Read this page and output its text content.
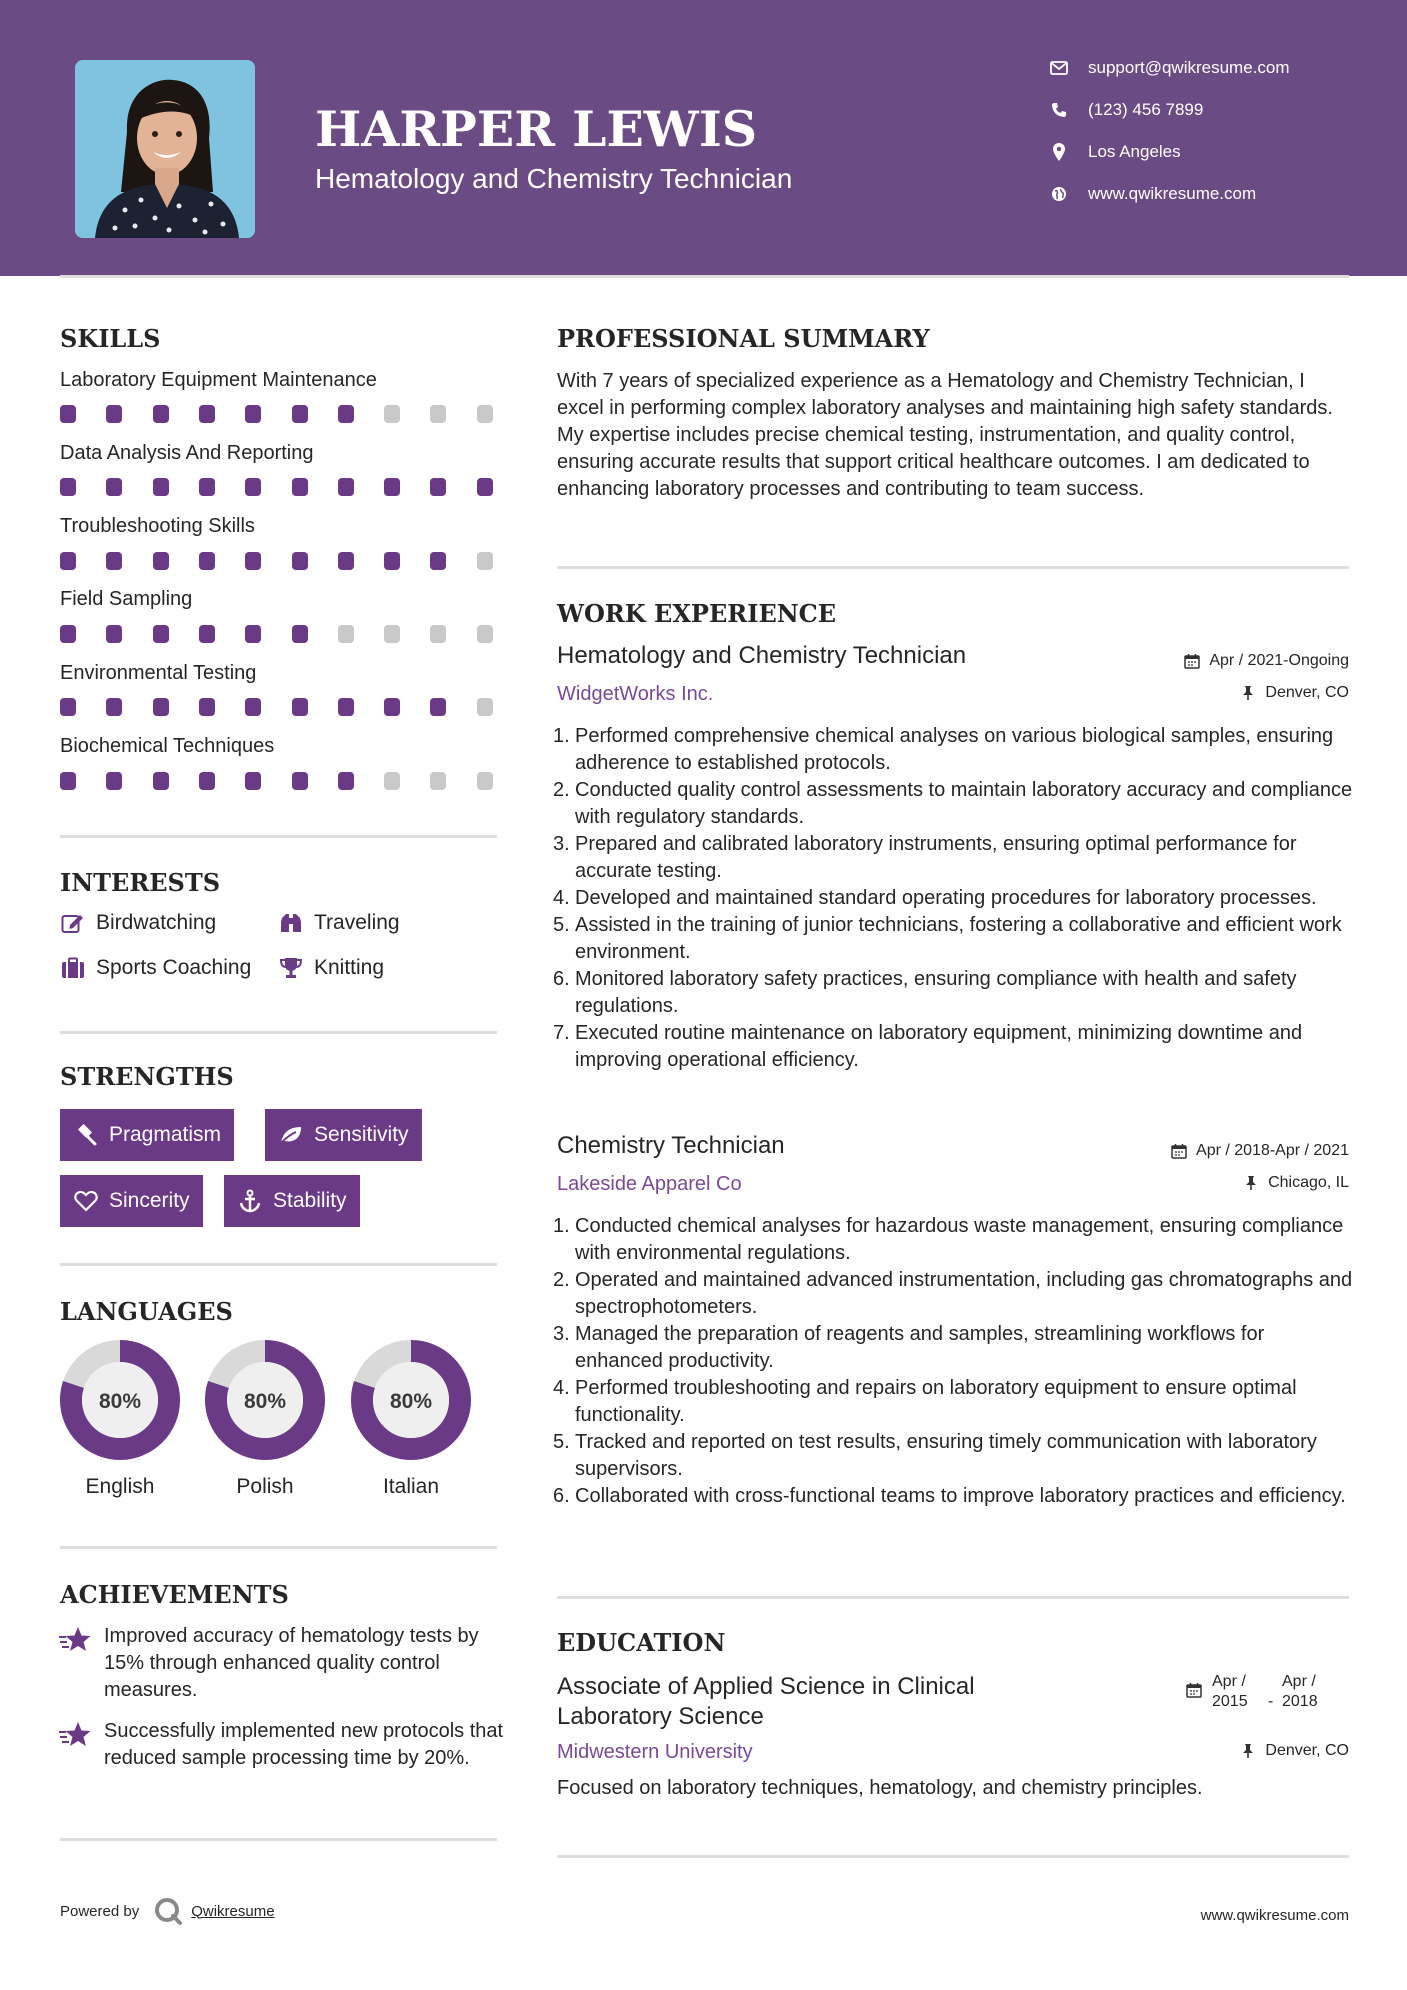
HARPER LEWIS
Hematology and Chemistry Technician
support@qwikresume.com
(123) 456 7899
Los Angeles
www.qwikresume.com
SKILLS
Laboratory Equipment Maintenance
Data Analysis And Reporting
Troubleshooting Skills
Field Sampling
Environmental Testing
Biochemical Techniques
INTERESTS
Birdwatching	Traveling
Sports Coaching	Knitting
STRENGTHS
Pragmatism	Sensitivity
Sincerity	Stability
LANGUAGES
80%
English
80%
Polish
80%
Italian
ACHIEVEMENTS
Improved accuracy of hematology tests by 15% through enhanced quality control measures.
Successfully implemented new protocols that reduced sample processing time by 20%.
PROFESSIONAL SUMMARY
With 7 years of specialized experience as a Hematology and Chemistry Technician, I excel in performing complex laboratory analyses and maintaining high safety standards. My expertise includes precise chemical testing, instrumentation, and quality control, ensuring accurate results that support critical healthcare outcomes. I am dedicated to enhancing laboratory processes and contributing to team success.
WORK EXPERIENCE
Hematology and Chemistry Technician	Apr / 2021-Ongoing
WidgetWorks Inc.	Denver, CO
1. Performed comprehensive chemical analyses on various biological samples, ensuring adherence to established protocols.
2. Conducted quality control assessments to maintain laboratory accuracy and compliance with regulatory standards.
3. Prepared and calibrated laboratory instruments, ensuring optimal performance for accurate testing.
4. Developed and maintained standard operating procedures for laboratory processes.
5. Assisted in the training of junior technicians, fostering a collaborative and efficient work environment.
6. Monitored laboratory safety practices, ensuring compliance with health and safety regulations.
7. Executed routine maintenance on laboratory equipment, minimizing downtime and improving operational efficiency.
Chemistry Technician	Apr / 2018-Apr / 2021
Lakeside Apparel Co	Chicago, IL
1. Conducted chemical analyses for hazardous waste management, ensuring compliance with environmental regulations.
2. Operated and maintained advanced instrumentation, including gas chromatographs and spectrophotometers.
3. Managed the preparation of reagents and samples, streamlining workflows for enhanced productivity.
4. Performed troubleshooting and repairs on laboratory equipment to ensure optimal functionality.
5. Tracked and reported on test results, ensuring timely communication with laboratory supervisors.
6. Collaborated with cross-functional teams to improve laboratory practices and efficiency.
EDUCATION
Associate of Applied Science in Clinical Laboratory Science
Apr /
2015	-
Apr /
2018
Midwestern University	Denver, CO
Focused on laboratory techniques, hematology, and chemistry principles.
Powered by	Qwikresume	www.qwikresume.com
